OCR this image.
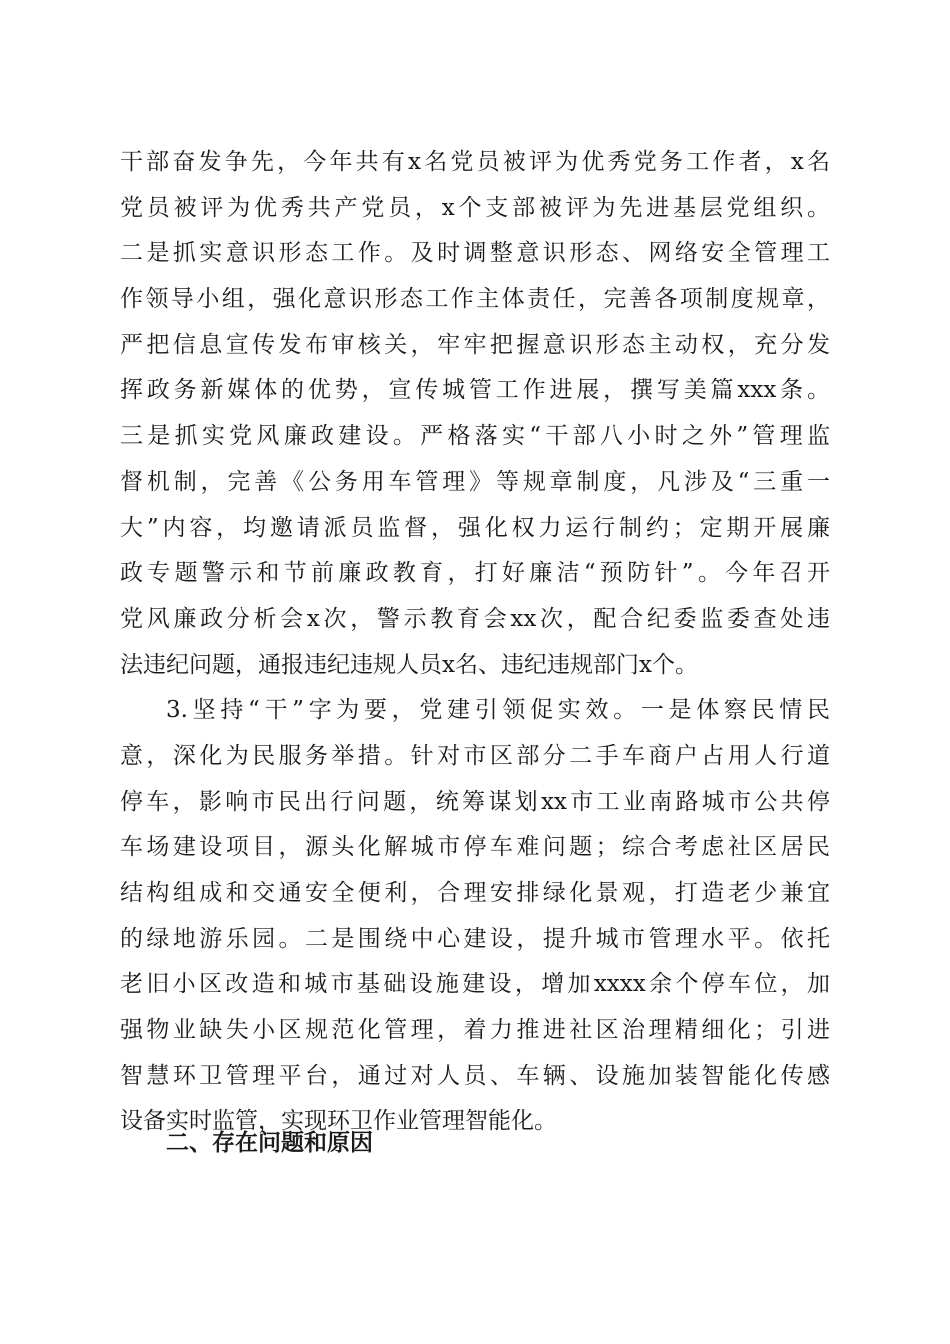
干部奋发争先，今年共有x名党员被评为优秀党务工作者，x名
党员被评为优秀共产党员，x个支部被评为先进基层党组织。
二是抓实意识形态工作。及时调整意识形态、网络安全管理工
作领导小组，强化意识形态工作主体责任，完善各项制度规章，
严把信息宣传发布审核关，牢牢把握意识形态主动权，充分发
挥政务新媒体的优势，宣传城管工作进展，撰写美篇xxx条。
三是抓实党风廉政建设。严格落实“干部八小时之外”管理监
督机制，完善《公务用车管理》等规章制度，凡涉及“三重一
大”内容，均邀请派员监督，强化权力运行制约；定期开展廉
政专题警示和节前廉政教育，打好廉洁“预防针”。今年召开
党风廉政分析会x次，警示教育会xx次，配合纪委监委查处违
法违纪问题，通报违纪违规人员x名、违纪违规部门x个。
3.坚持“干”字为要，党建引领促实效。一是体察民情民
意，深化为民服务举措。针对市区部分二手车商户占用人行道
停车，影响市民出行问题，统筹谋划xx市工业南路城市公共停
车场建设项目，源头化解城市停车难问题；综合考虑社区居民
结构组成和交通安全便利，合理安排绿化景观，打造老少兼宜
的绿地游乐园。二是围绕中心建设，提升城市管理水平。依托
老旧小区改造和城市基础设施建设，增加xxxx余个停车位，加
强物业缺失小区规范化管理，着力推进社区治理精细化；引进
智慧环卫管理平台，通过对人员、车辆、设施加装智能化传感
设备实时监管，实现环卫作业管理智能化。
二、存在问题和原因
